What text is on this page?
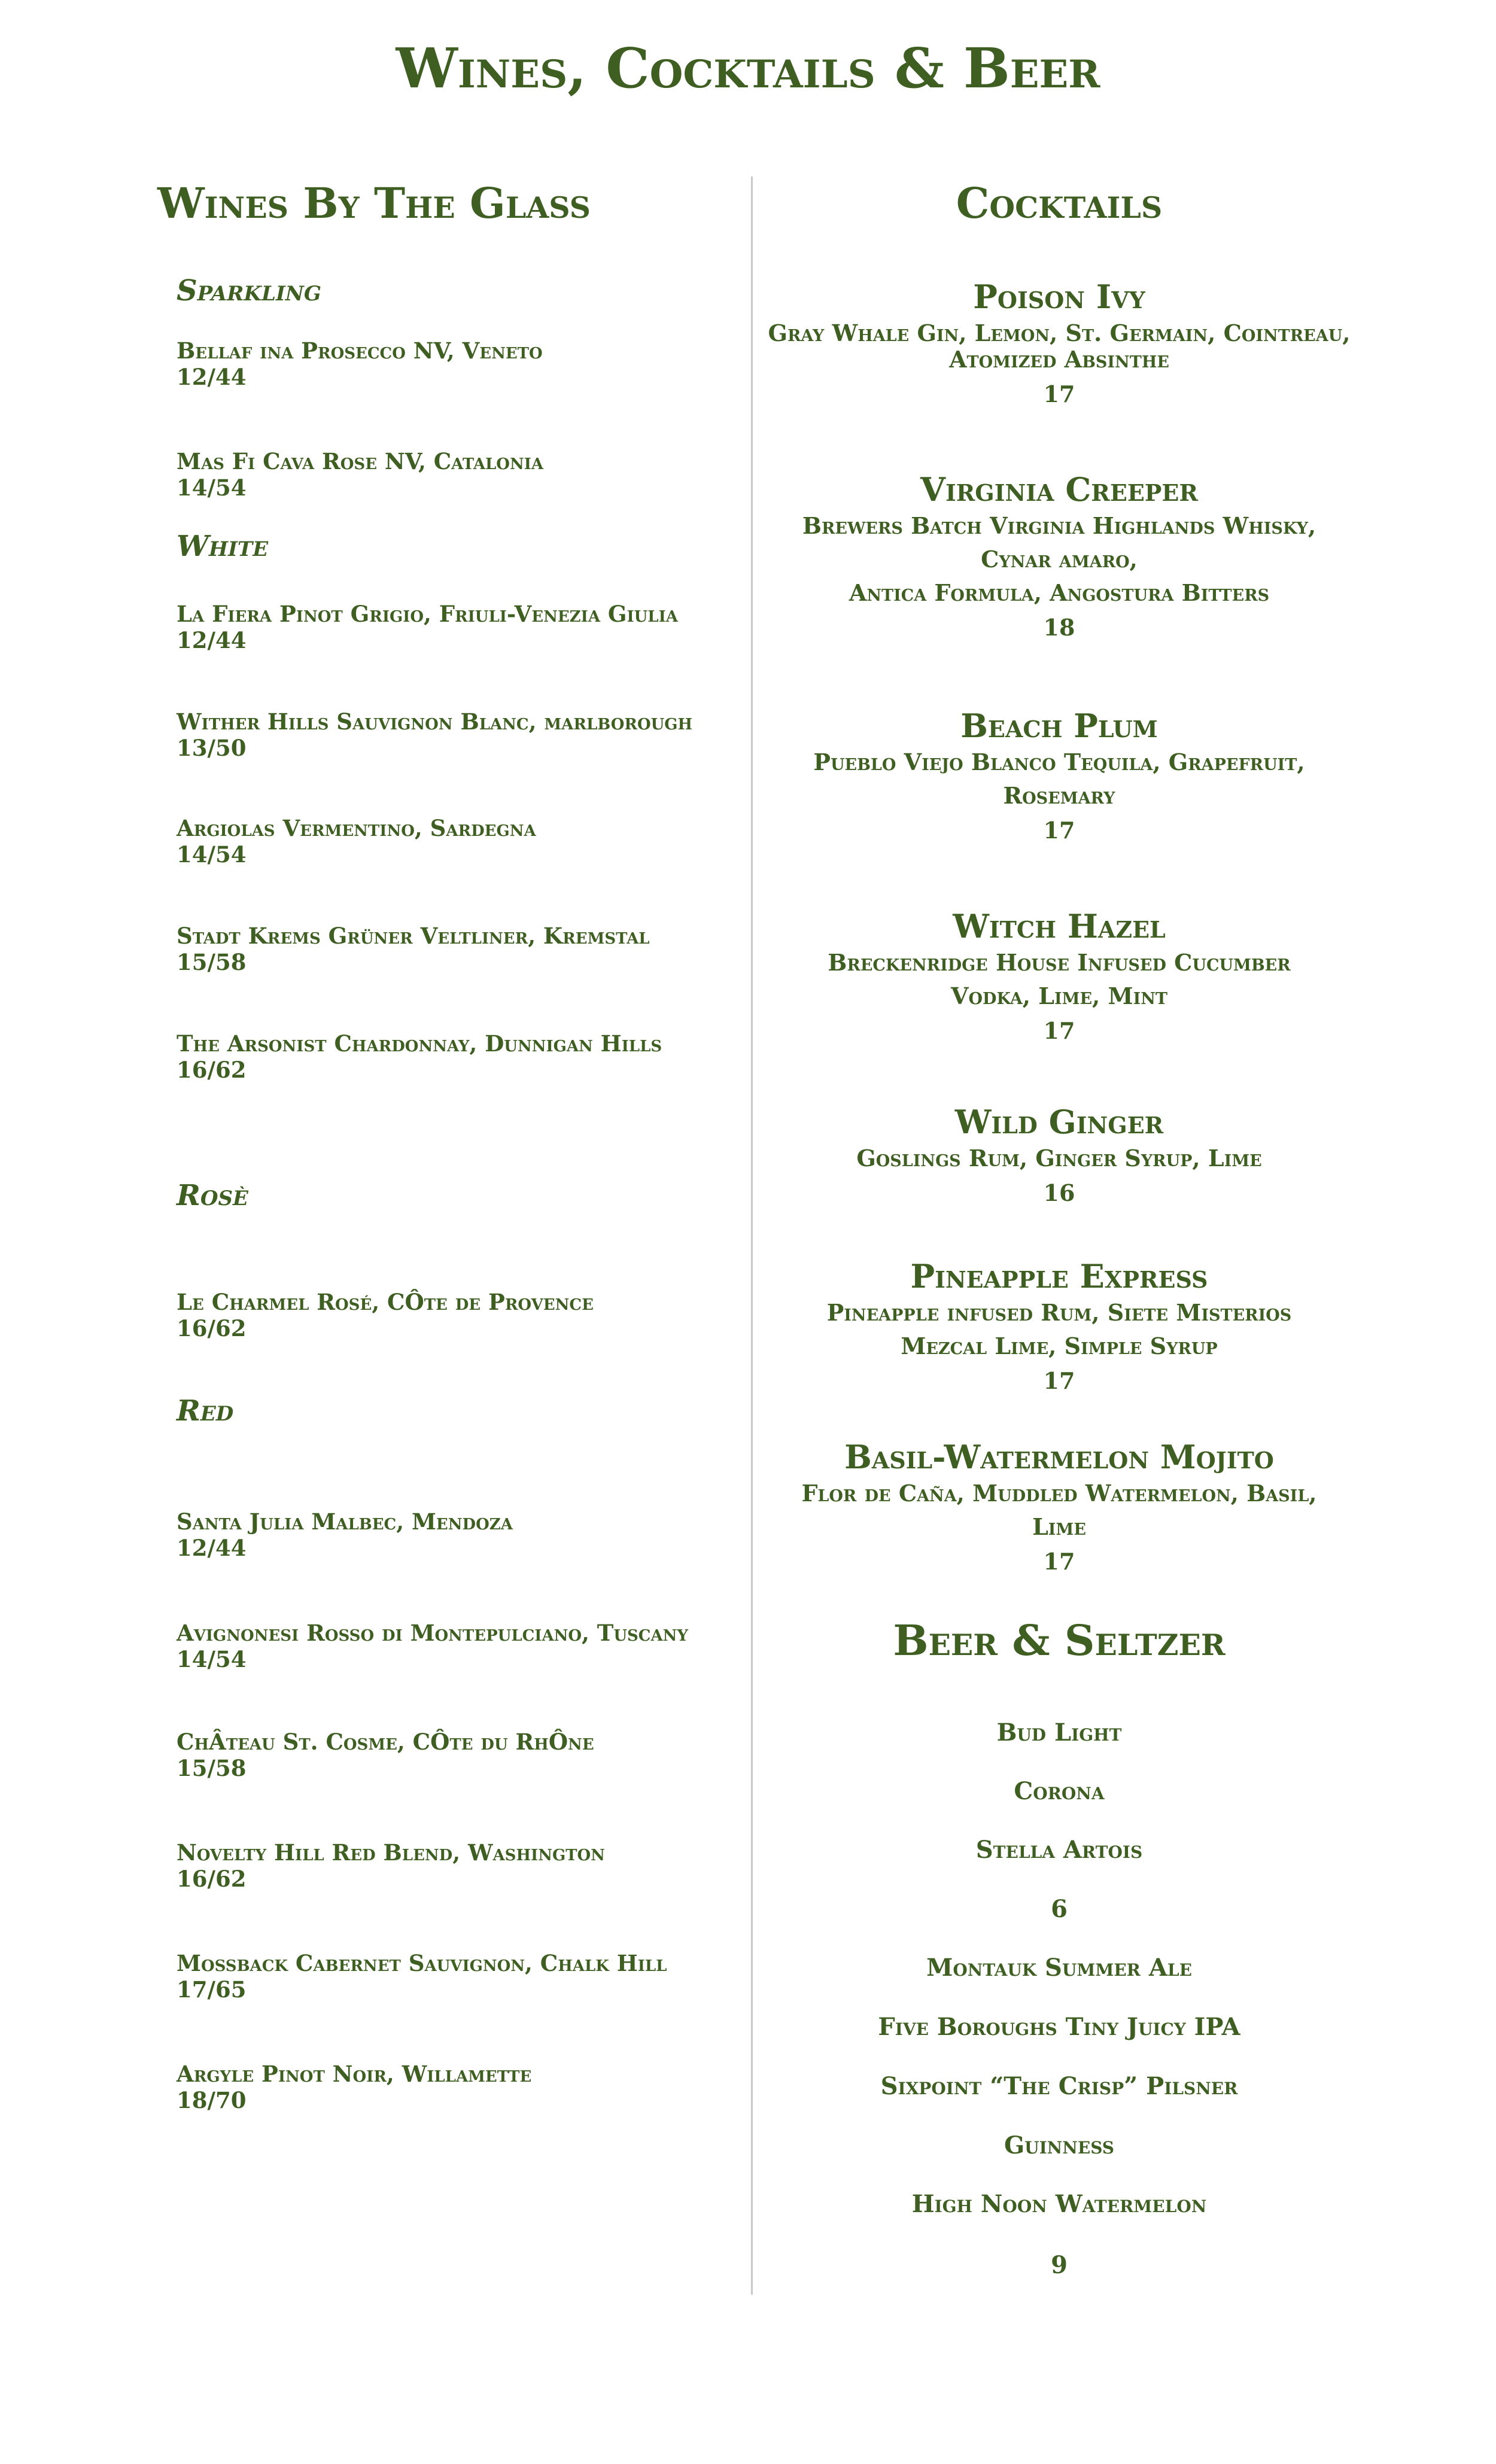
Wines, Cocktails & Beer
Wines By The Glass
Sparkling
Bellaf ina Prosecco NV, Veneto
12/44
Mas Fi Cava Rose NV, Catalonia
14/54
White
La Fiera Pinot Grigio, Friuli-Venezia Giulia
12/44
Wither Hills Sauvignon Blanc, marlborough
13/50
Argiolas Vermentino, Sardegna
14/54
Stadt Krems Grüner Veltliner, Kremstal
15/58
The Arsonist Chardonnay, Dunnigan Hills
16/62
Rosè
Le Charmel Rosé, CÔte de Provence
16/62
Red
Santa Julia Malbec, Mendoza
12/44
Avignonesi Rosso di Montepulciano, Tuscany
14/54
ChÂteau St. Cosme, CÔte du RhÔne
15/58
Novelty Hill Red Blend, Washington
16/62
Mossback Cabernet Sauvignon, Chalk Hill
17/65
Argyle Pinot Noir, Willamette
18/70
Cocktails
Poison Ivy
Gray Whale Gin, Lemon, St. Germain, Cointreau,
Atomized Absinthe
17
Virginia Creeper
Brewers Batch Virginia Highlands Whisky,
Cynar amaro,
Antica Formula, Angostura Bitters
18
Beach Plum
Pueblo Viejo Blanco Tequila, Grapefruit,
Rosemary
17
Witch Hazel
Breckenridge House Infused Cucumber
Vodka, Lime, Mint
17
Wild Ginger
Goslings Rum, Ginger Syrup, Lime
16
Pineapple Express
Pineapple infused Rum, Siete Misterios
Mezcal Lime, Simple Syrup
17
Basil-Watermelon Mojito
Flor de Caña, Muddled Watermelon, Basil,
Lime
17
Beer & Seltzer
Bud Light
Corona
Stella Artois
6
Montauk Summer Ale
Five Boroughs Tiny Juicy IPA
Sixpoint “The Crisp” Pilsner
Guinness
High Noon Watermelon
9
